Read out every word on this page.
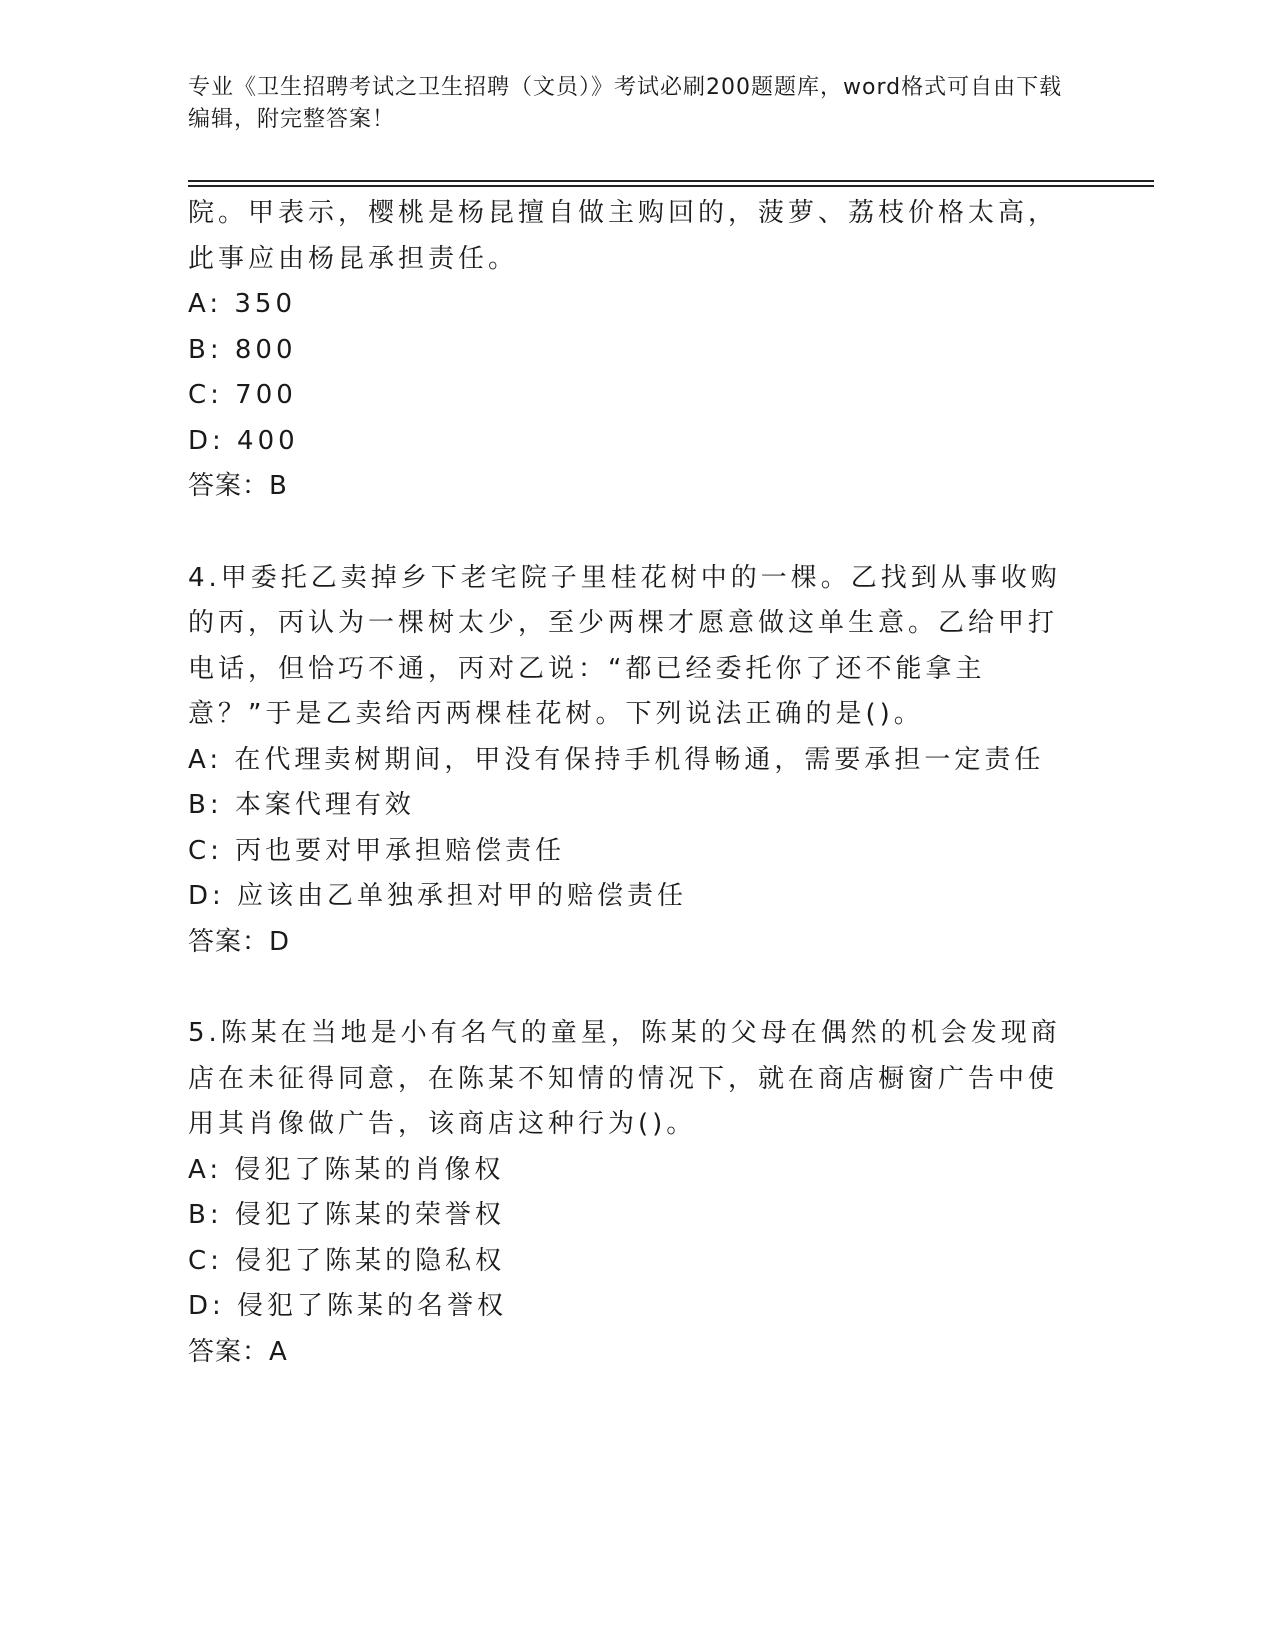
专业《卫生招聘考试之卫生招聘（文员）》考试必刷200题题库，word格式可自由下载编辑，附完整答案！

院。甲表示，樱桃是杨昆擅自做主购回的，菠萝、荔枝价格太高，此事应由杨昆承担责任。

A: 350

B: 800

C: 700

D: 400

答案：B

4.甲委托乙卖掉乡下老宅院子里桂花树中的一棵。乙找到从事收购的丙，丙认为一棵树太少，至少两棵才愿意做这单生意。乙给甲打电话，但恰巧不通，丙对乙说：“都已经委托你了还不能拿主意？”于是乙卖给丙两棵桂花树。下列说法正确的是()。

A: 在代理卖树期间，甲没有保持手机得畅通，需要承担一定责任

B: 本案代理有效

C: 丙也要对甲承担赔偿责任

D: 应该由乙单独承担对甲的赔偿责任

答案：D

5.陈某在当地是小有名气的童星，陈某的父母在偶然的机会发现商店在未征得同意，在陈某不知情的情况下，就在商店橱窗广告中使用其肖像做广告，该商店这种行为()。

A: 侵犯了陈某的肖像权

B: 侵犯了陈某的荣誉权

C: 侵犯了陈某的隐私权

D: 侵犯了陈某的名誉权

答案：A
